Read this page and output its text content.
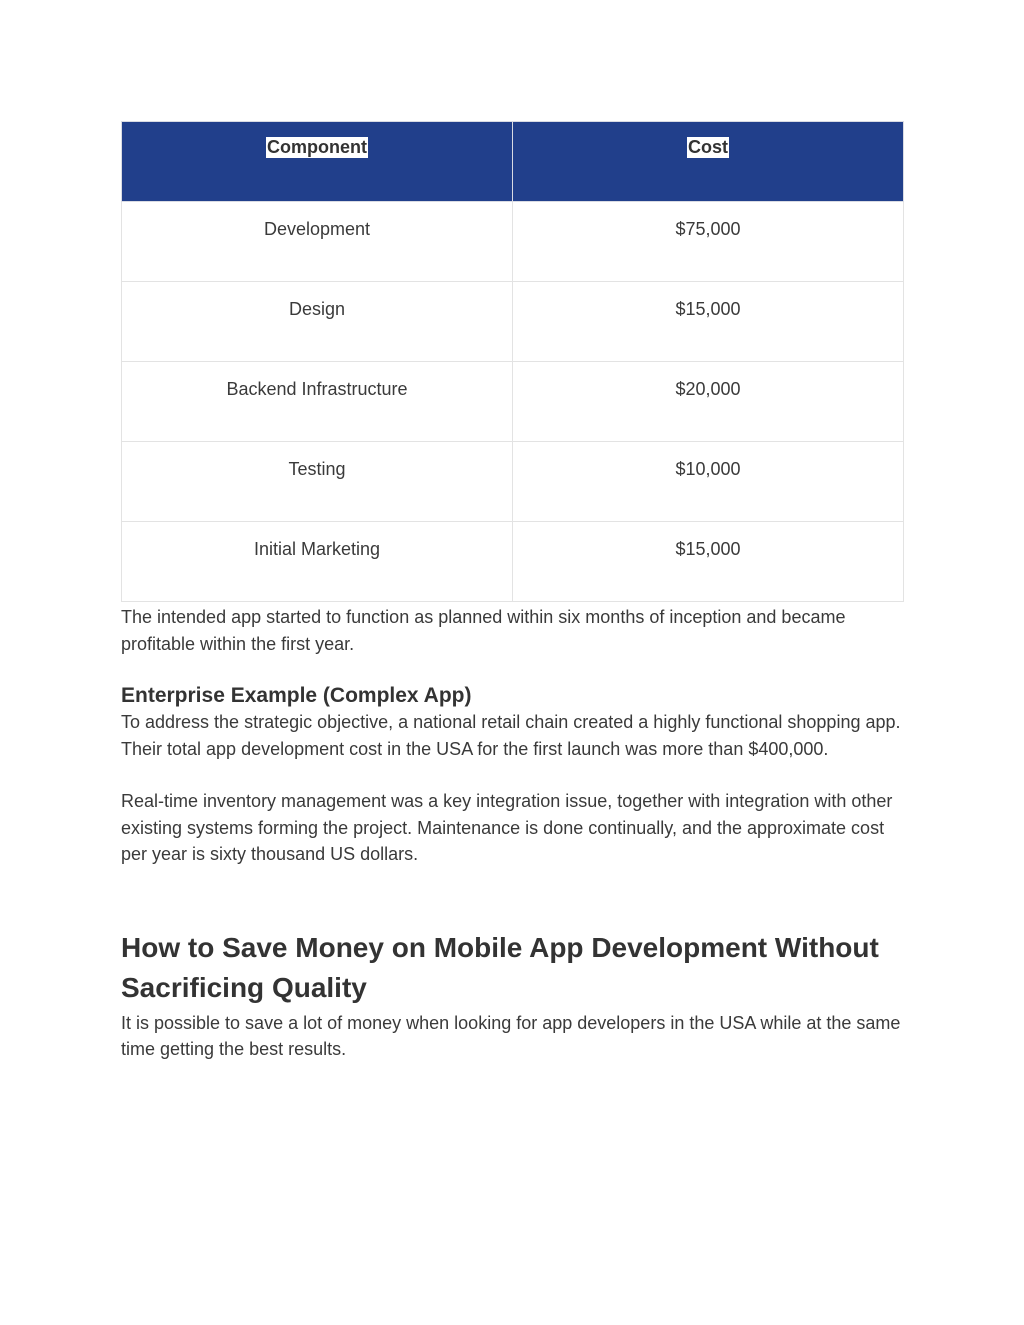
Component	Cost
Development	$75,000
Design	$15,000
Backend Infrastructure	$20,000
Testing	$10,000
Initial Marketing	$15,000

The intended app started to function as planned within six months of inception and became profitable within the first year.

Enterprise Example (Complex App)

To address the strategic objective, a national retail chain created a highly functional shopping app. Their total app development cost in the USA for the first launch was more than $400,000.

Real-time inventory management was a key integration issue, together with integration with other existing systems forming the project. Maintenance is done continually, and the approximate cost per year is sixty thousand US dollars.

How to Save Money on Mobile App Development Without Sacrificing Quality

It is possible to save a lot of money when looking for app developers in the USA while at the same time getting the best results.
